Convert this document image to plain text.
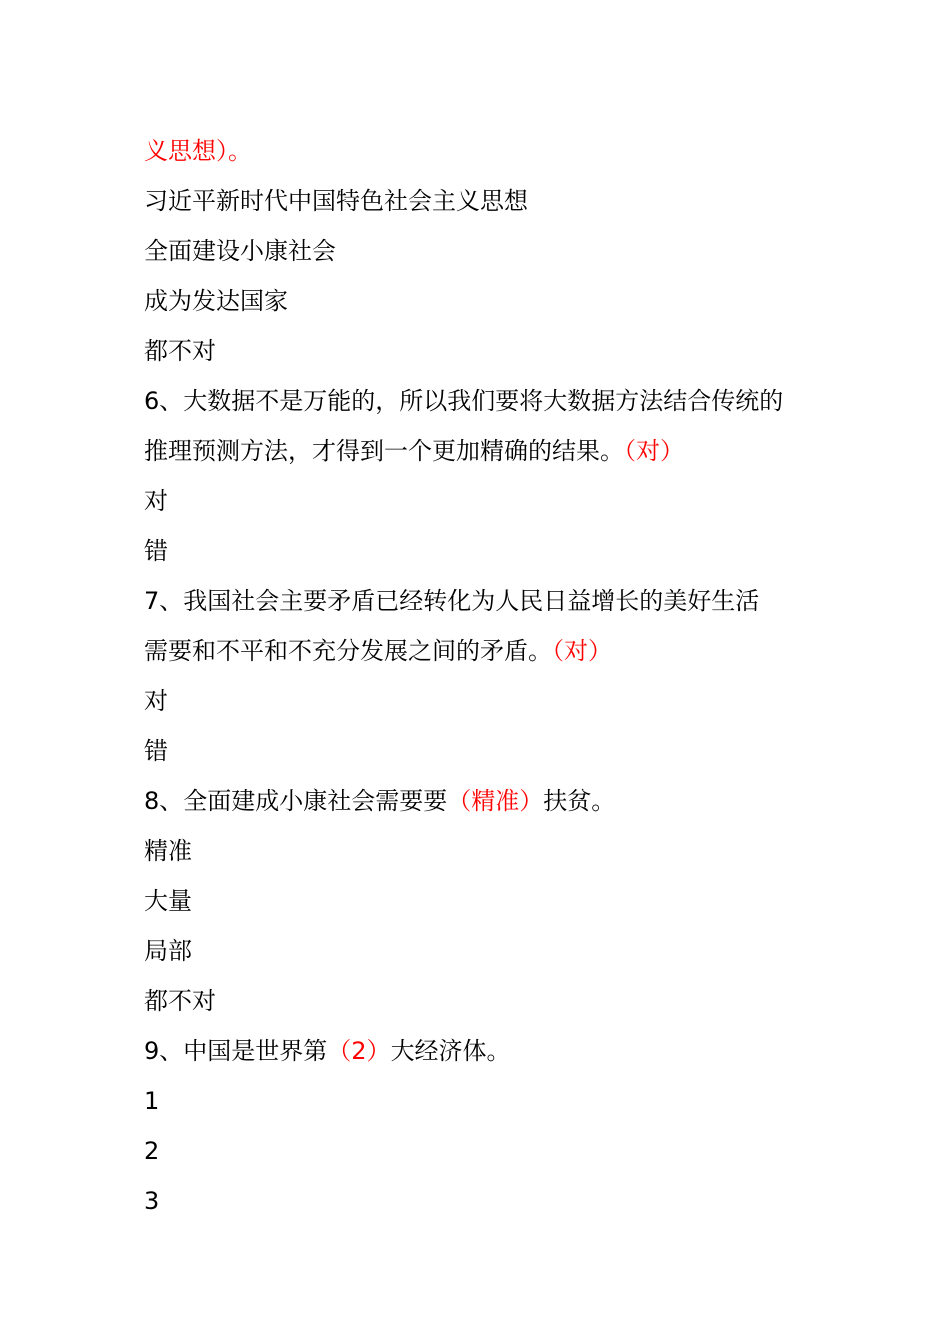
义思想）。
习近平新时代中国特色社会主义思想
全面建设小康社会
成为发达国家
都不对
6、大数据不是万能的，所以我们要将大数据方法结合传统的
推理预测方法，才得到一个更加精确的结果。（对）
对
错
7、我国社会主要矛盾已经转化为人民日益增长的美好生活
需要和不平和不充分发展之间的矛盾。（对）
对
错
8、全面建成小康社会需要要（精准）扶贫。
精准
大量
局部
都不对
9、中国是世界第（2）大经济体。
1
2
3
